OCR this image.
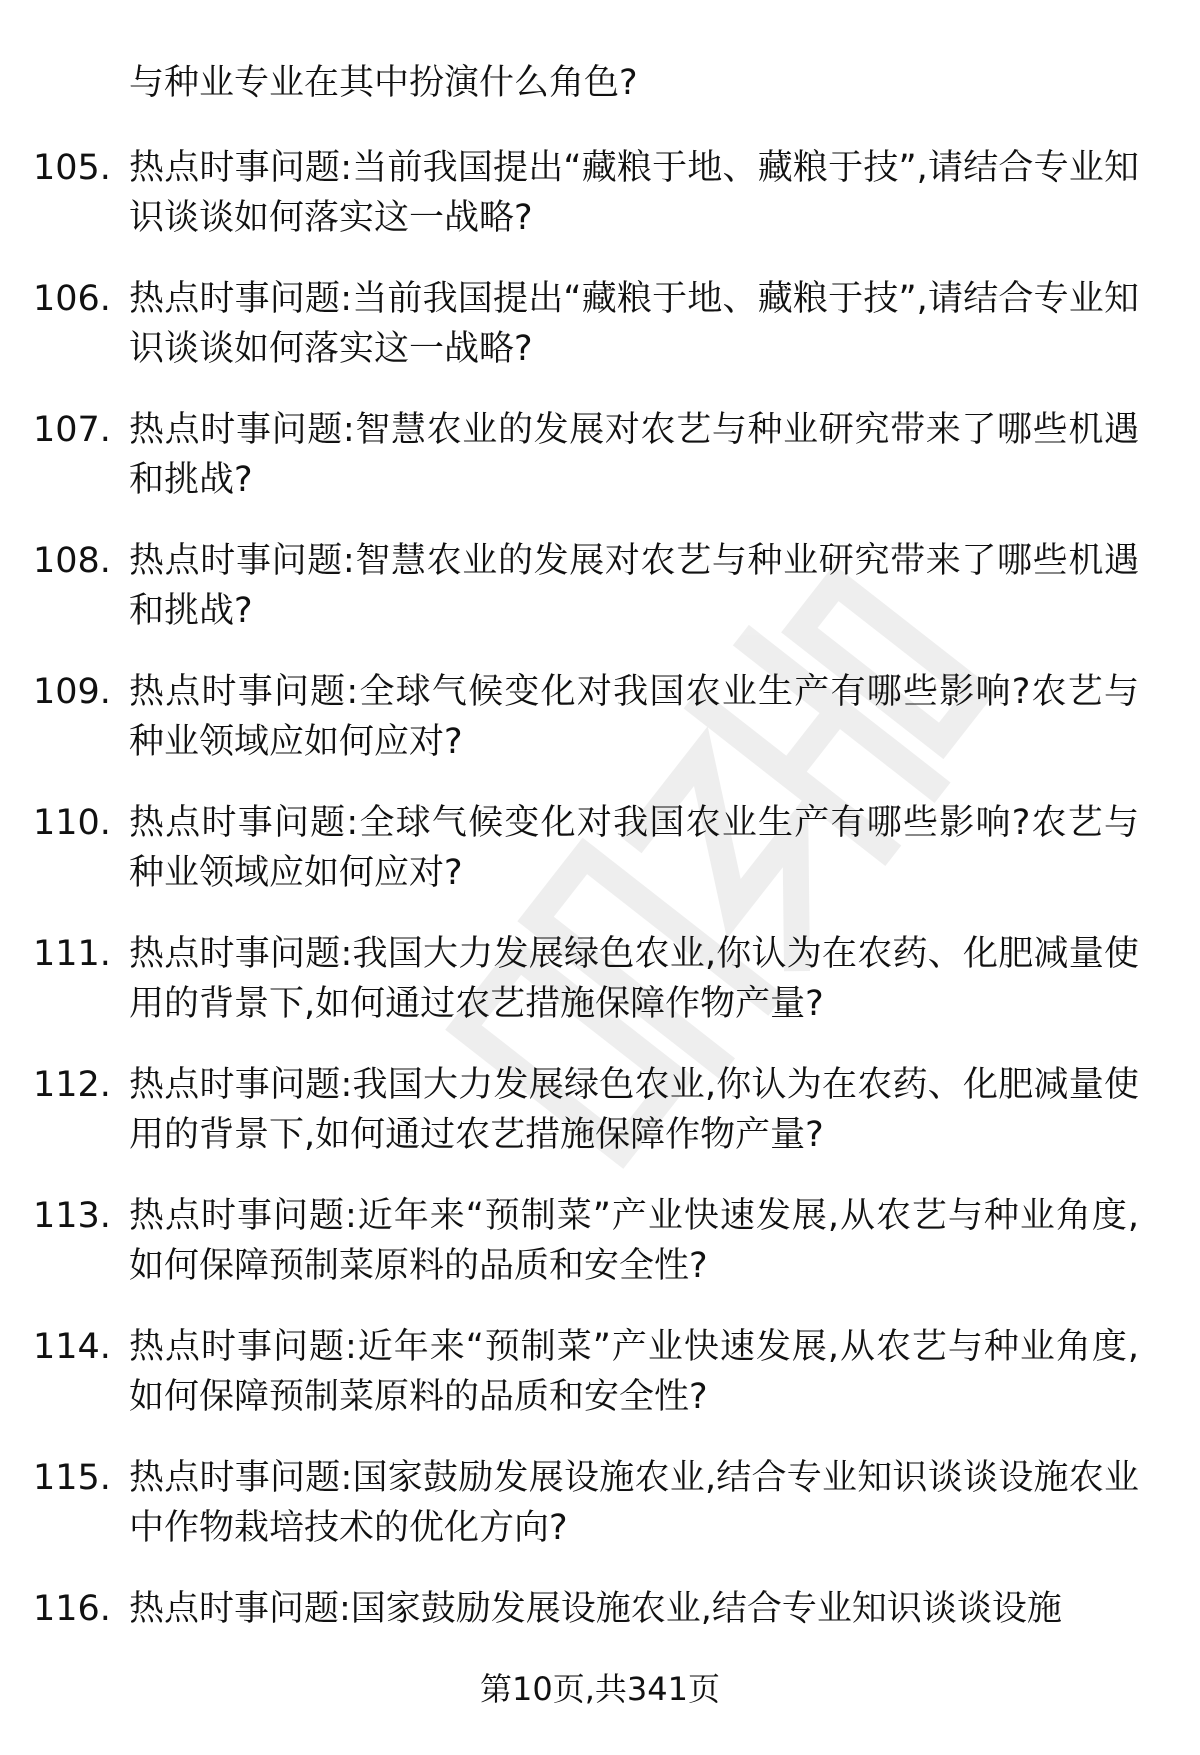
与种业专业在其中扮演什么角色?
105. 热点时事问题:当前我国提出“藏粮于地、藏粮于技”,请结合专业知识谈谈如何落实这一战略?
106. 热点时事问题:当前我国提出“藏粮于地、藏粮于技”,请结合专业知识谈谈如何落实这一战略?
107. 热点时事问题:智慧农业的发展对农艺与种业研究带来了哪些机遇和挑战?
108. 热点时事问题:智慧农业的发展对农艺与种业研究带来了哪些机遇和挑战?
109. 热点时事问题:全球气候变化对我国农业生产有哪些影响?农艺与种业领域应如何应对?
110. 热点时事问题:全球气候变化对我国农业生产有哪些影响?农艺与种业领域应如何应对?
111. 热点时事问题:我国大力发展绿色农业,你认为在农药、化肥减量使用的背景下,如何通过农艺措施保障作物产量?
112. 热点时事问题:我国大力发展绿色农业,你认为在农药、化肥减量使用的背景下,如何通过农艺措施保障作物产量?
113. 热点时事问题:近年来“预制菜”产业快速发展,从农艺与种业角度,如何保障预制菜原料的品质和安全性?
114. 热点时事问题:近年来“预制菜”产业快速发展,从农艺与种业角度,如何保障预制菜原料的品质和安全性?
115. 热点时事问题:国家鼓励发展设施农业,结合专业知识谈谈设施农业中作物栽培技术的优化方向?
116. 热点时事问题:国家鼓励发展设施农业,结合专业知识谈谈设施
第10页,共341页
